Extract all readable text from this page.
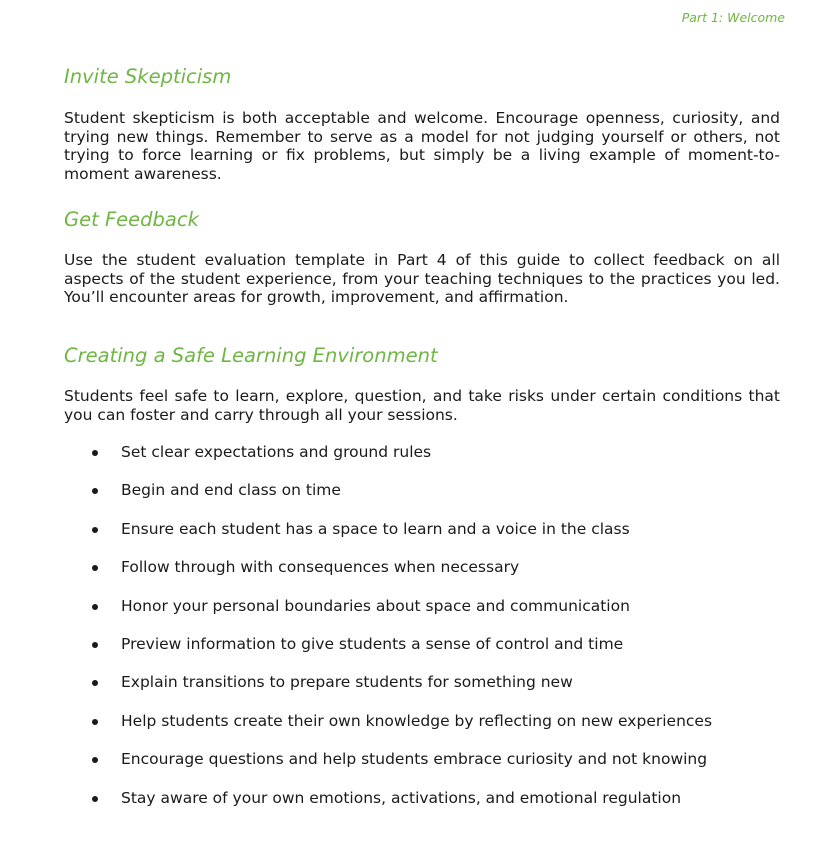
Part 1: Welcome
Invite Skepticism

Student skepticism is both acceptable and welcome. Encourage openness, curiosity, and trying new things. Remember to serve as a model for not judging yourself or others, not trying to force learning or fix problems, but simply be a living example of moment-to-moment awareness.

Get Feedback

Use the student evaluation template in Part 4 of this guide to collect feedback on all aspects of the student experience, from your teaching techniques to the practices you led. You’ll encounter areas for growth, improvement, and affirmation.

Creating a Safe Learning Environment

Students feel safe to learn, explore, question, and take risks under certain conditions that you can foster and carry through all your sessions.

Set clear expectations and ground rules
Begin and end class on time
Ensure each student has a space to learn and a voice in the class
Follow through with consequences when necessary
Honor your personal boundaries about space and communication
Preview information to give students a sense of control and time
Explain transitions to prepare students for something new
Help students create their own knowledge by reflecting on new experiences
Encourage questions and help students embrace curiosity and not knowing
Stay aware of your own emotions, activations, and emotional regulation
